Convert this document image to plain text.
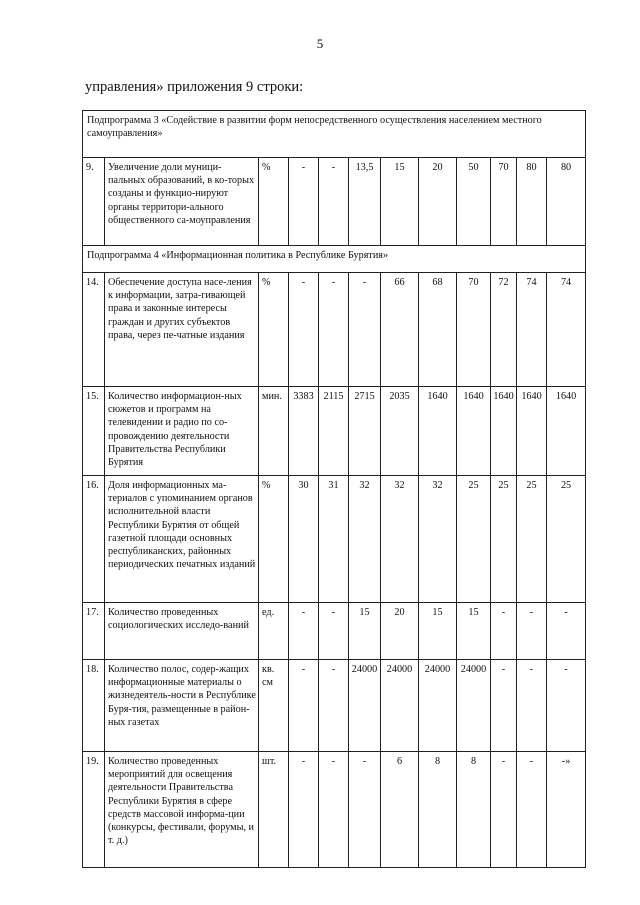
5
управления» приложения 9 строки:
Подпрограмма 3 «Содействие в развитии форм непосредственного осуществления населением местного самоуправления»											
9.	Увеличение доли муници-пальных образований, в ко-торых созданы и функцио-нируют органы территори-ального общественного са-моуправления	%	-	-	13,5	15	20	50	70	80	80
Подпрограмма 4 «Информационная политика в Республике Бурятия»											
14.	Обеспечение доступа насе-ления к информации, затра-гивающей права и законные интересы граждан и других субъектов права, через пе-чатные издания	%	-	-	-	66	68	70	72	74	74
15.	Количество информацион-ных сюжетов и программ на телевидении и радио по со-провождению деятельности Правительства Республики Бурятия	мин.	3383	2115	2715	2035	1640	1640	1640	1640	1640
16.	Доля информационных ма-териалов с упоминанием органов исполнительной власти Республики Бурятия от общей газетной площади основных республиканских, районных периодических печатных изданий	%	30	31	32	32	32	25	25	25	25
17.	Количество проведенных социологических исследо-ваний	ед.	-	-	15	20	15	15	-	-	-
18.	Количество полос, содер-жащих информационные материалы о жизнедеятель-ности в Республике Буря-тия, размещенные в район-ных газетах	кв. см	-	-	24000	24000	24000	24000	-	-	-
19.	Количество проведенных мероприятий для освещения деятельности Правительства Республики Бурятия в сфере средств массовой информа-ции (конкурсы, фестивали, форумы, и т. д.)	шт.	-	-	-	6	8	8	-	-	-»
